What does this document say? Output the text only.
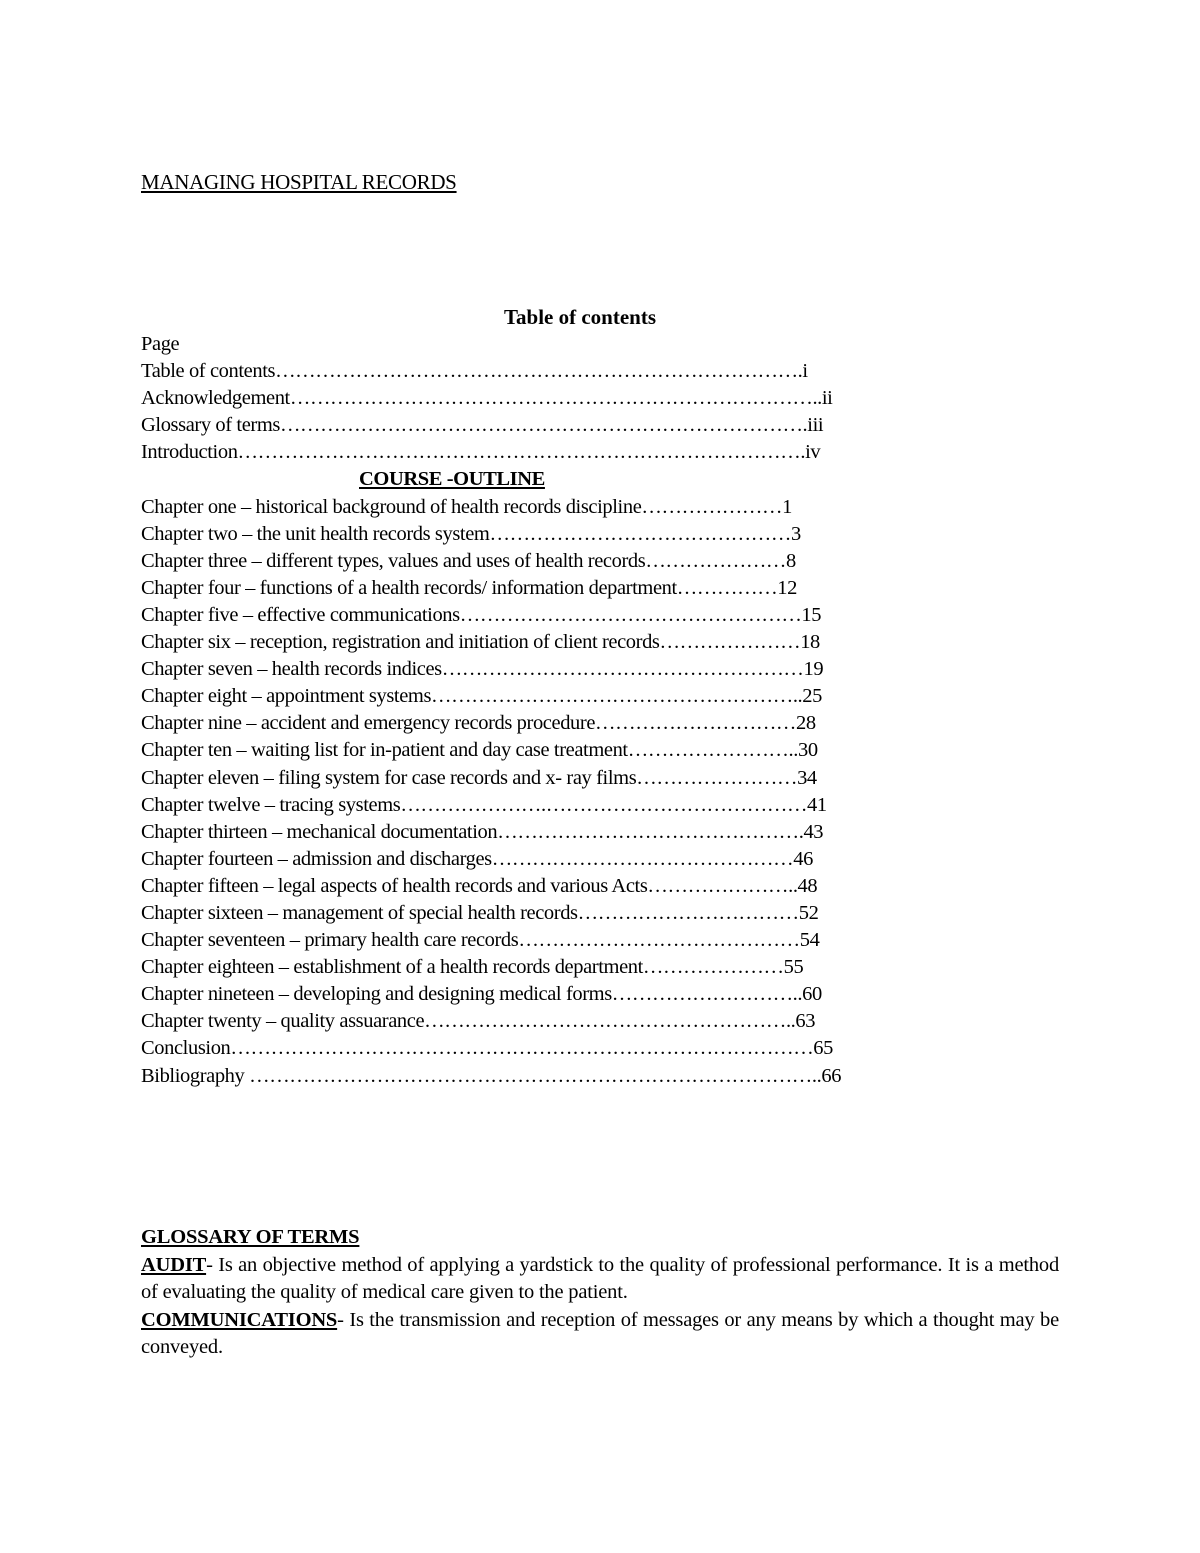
MANAGING HOSPITAL RECORDS
Table of contents
Page
Table of contents…………………………………………………………………….i
Acknowledgement……………………………………………………………………..ii
Glossary of terms…………………………………………………………………….iii
Introduction………………………………………………………………………….iv
COURSE -OUTLINE
Chapter one – historical background of health records discipline…………………1
Chapter two – the unit health records system………………………………………3
Chapter three – different types, values and uses of health records…………………8
Chapter four – functions of a health records/ information department……………12
Chapter five – effective communications……………………………………………15
Chapter six – reception, registration and initiation of client records…………………18
Chapter seven – health records indices………………………………………………19
Chapter eight – appointment systems………………………………………………..25
Chapter nine – accident and emergency records procedure…………………………28
Chapter ten – waiting list for in-patient and day case treatment……………………..30
Chapter eleven – filing system for case records and x- ray films……………………34
Chapter twelve – tracing systems………………….…………………………………41
Chapter thirteen – mechanical documentation……………………………………….43
Chapter fourteen – admission and discharges………………………………………46
Chapter fifteen – legal aspects of health records and various Acts…………………..48
Chapter sixteen – management of special health records……………………………52
Chapter seventeen – primary health care records……………………………………54
Chapter eighteen – establishment of a health records department…………………55
Chapter nineteen – developing and designing medical forms………………………..60
Chapter twenty – quality assuarance………………………………………………..63
Conclusion……………………………………………………………………………65
Bibliography …………………………………………………………………………..66
GLOSSARY OF TERMS

AUDIT- Is an objective method of applying a yardstick to the quality of professional performance. It is a method of evaluating the quality of medical care given to the patient.

COMMUNICATIONS- Is the transmission and reception of messages or any means by which a thought may be conveyed.
